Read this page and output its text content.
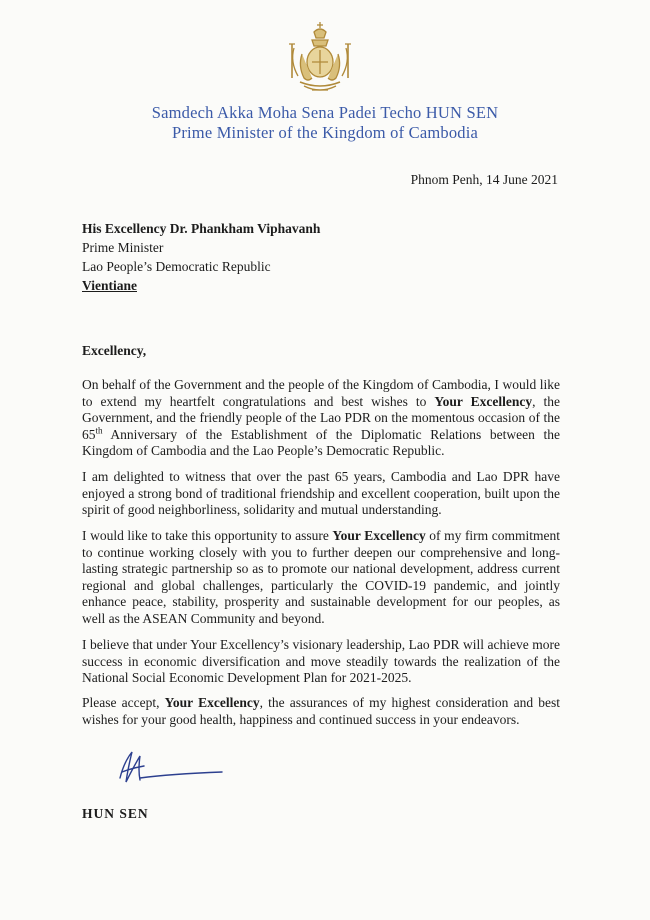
Samdech Akka Moha Sena Padei Techo HUN SEN
Prime Minister of the Kingdom of Cambodia
Phnom Penh, 14 June 2021
His Excellency Dr. Phankham Viphavanh
Prime Minister
Lao People’s Democratic Republic
Vientiane
Excellency,

On behalf of the Government and the people of the Kingdom of Cambodia, I would like to extend my heartfelt congratulations and best wishes to Your Excellency, the Government, and the friendly people of the Lao PDR on the momentous occasion of the 65th Anniversary of the Establishment of the Diplomatic Relations between the Kingdom of Cambodia and the Lao People’s Democratic Republic.

I am delighted to witness that over the past 65 years, Cambodia and Lao DPR have enjoyed a strong bond of traditional friendship and excellent cooperation, built upon the spirit of good neighborliness, solidarity and mutual understanding.

I would like to take this opportunity to assure Your Excellency of my firm commitment to continue working closely with you to further deepen our comprehensive and long-lasting strategic partnership so as to promote our national development, address current regional and global challenges, particularly the COVID-19 pandemic, and jointly enhance peace, stability, prosperity and sustainable development for our peoples, as well as the ASEAN Community and beyond.

I believe that under Your Excellency’s visionary leadership, Lao PDR will achieve more success in economic diversification and move steadily towards the realization of the National Social Economic Development Plan for 2021-2025.

Please accept, Your Excellency, the assurances of my highest consideration and best wishes for your good health, happiness and continued success in your endeavors.

HUN SEN
